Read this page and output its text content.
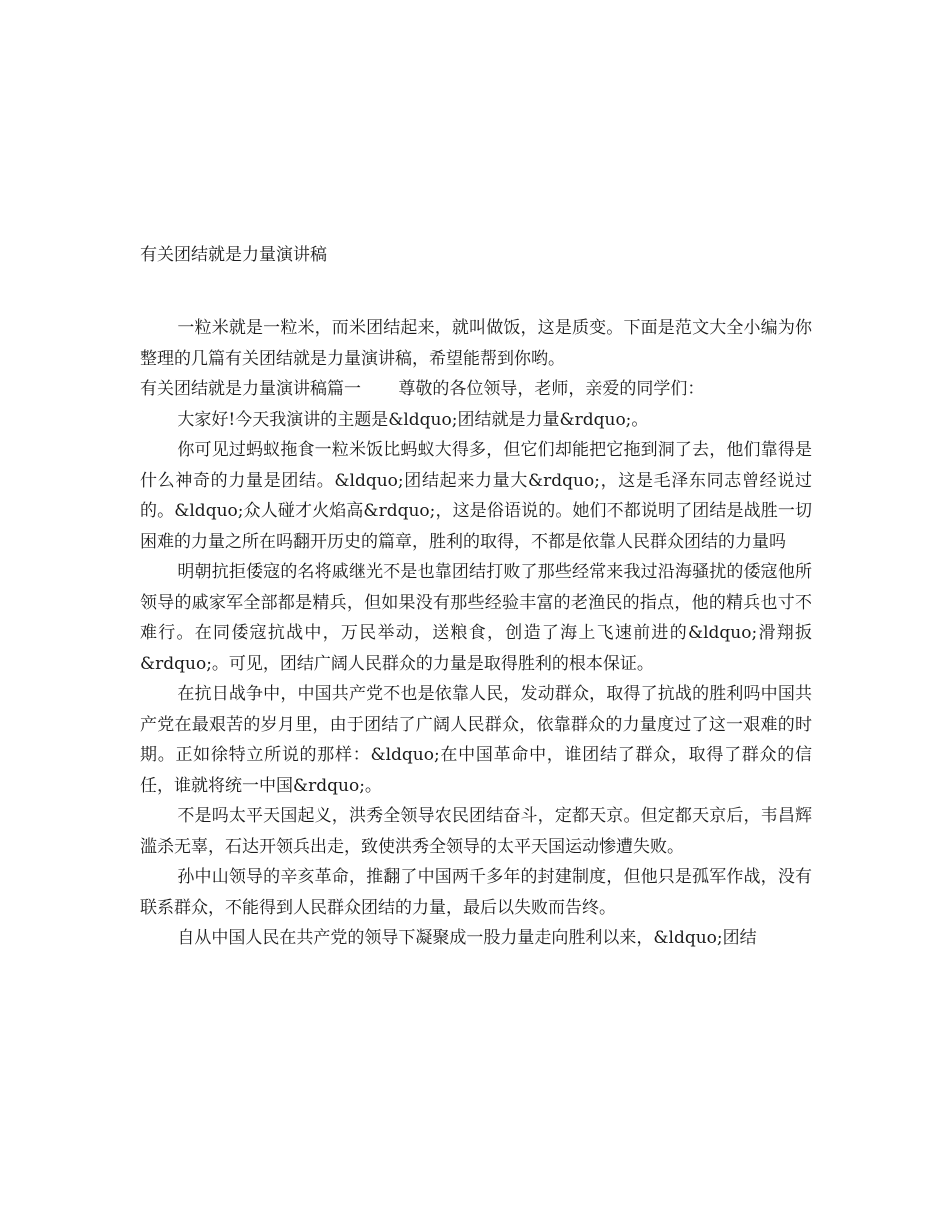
有关团结就是力量演讲稿

一粒米就是一粒米，而米团结起来，就叫做饭，这是质变。下面是范文大全小编为你整理的几篇有关团结就是力量演讲稿，希望能帮到你哟。

有关团结就是力量演讲稿篇一 尊敬的各位领导，老师，亲爱的同学们：

大家好!今天我演讲的主题是&ldquo;团结就是力量&rdquo;。

你可见过蚂蚁拖食一粒米饭比蚂蚁大得多，但它们却能把它拖到洞了去，他们靠得是什么神奇的力量是团结。&ldquo;团结起来力量大&rdquo;，这是毛泽东同志曾经说过的。&ldquo;众人碰才火焰高&rdquo;，这是俗语说的。她们不都说明了团结是战胜一切困难的力量之所在吗翻开历史的篇章，胜利的取得，不都是依靠人民群众团结的力量吗

明朝抗拒倭寇的名将戚继光不是也靠团结打败了那些经常来我过沿海骚扰的倭寇他所领导的戚家军全部都是精兵，但如果没有那些经验丰富的老渔民的指点，他的精兵也寸不难行。在同倭寇抗战中，万民举动，送粮食，创造了海上飞速前进的&ldquo;滑翔扳&rdquo;。可见，团结广阔人民群众的力量是取得胜利的根本保证。

在抗日战争中，中国共产党不也是依靠人民，发动群众，取得了抗战的胜利吗中国共产党在最艰苦的岁月里，由于团结了广阔人民群众，依靠群众的力量度过了这一艰难的时期。正如徐特立所说的那样：&ldquo;在中国革命中，谁团结了群众，取得了群众的信任，谁就将统一中国&rdquo;。

不是吗太平天国起义，洪秀全领导农民团结奋斗，定都天京。但定都天京后，韦昌辉滥杀无辜，石达开领兵出走，致使洪秀全领导的太平天国运动惨遭失败。

孙中山领导的辛亥革命，推翻了中国两千多年的封建制度，但他只是孤军作战，没有联系群众，不能得到人民群众团结的力量，最后以失败而告终。

自从中国人民在共产党的领导下凝聚成一股力量走向胜利以来，&ldquo;团结
